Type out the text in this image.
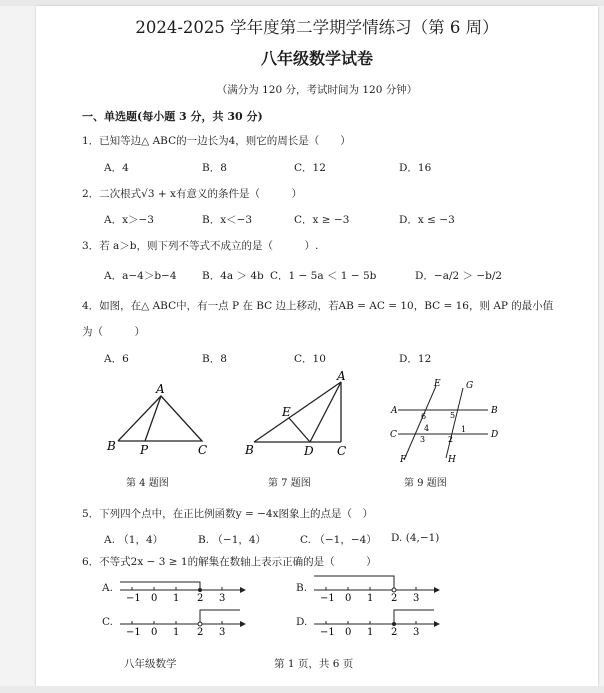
2024-2025 学年度第二学期学情练习（第 6 周）
八年级数学试卷
（满分为 120 分，考试时间为 120 分钟）
一、单选题(每小题 3 分，共 30 分)
1．已知等边△ ABC的一边长为4，则它的周长是（　　）
A．4	B．8	C．12	D．16
2．二次根式√3 + x有意义的条件是（　　　）
A．x＞−3	B．x＜−3	C．x ≥ −3	D．x ≤ −3
3．若 a＞b，则下列不等式不成立的是（　　　）.
A．a−4＞b−4 B．4a ＞ 4b C．1 − 5a ＜ 1 − 5b	D．−a/2 ＞ −b/2
4．如图，在△ ABC中，有一点 P 在 BC 边上移动，若AB = AC = 10，BC = 16，则 AP 的最小值
为（　　　）
A．6	B．8	C．10	D．12
A
B P	C
第 4 题图
A
E
B	D C
第 7 题图
E	G
A	B
6	5
C	D
4	1
3	2
F	H
第 9 题图
5．下列四个点中，在正比例函数y = −4x图象上的点是（　）
A. （1，4）	B. （−1，4）	C. （−1，−4） D. (4,−1)
6．不等式2x − 3 ≥ 1的解集在数轴上表示正确的是（　　　）
A.	B.
C.	D.
−1 0 1 2 3	−1 0 1 2 3
−1 0 1 2 3	−1 0 1 2 3
八年级数学	第 1 页，共 6 页
